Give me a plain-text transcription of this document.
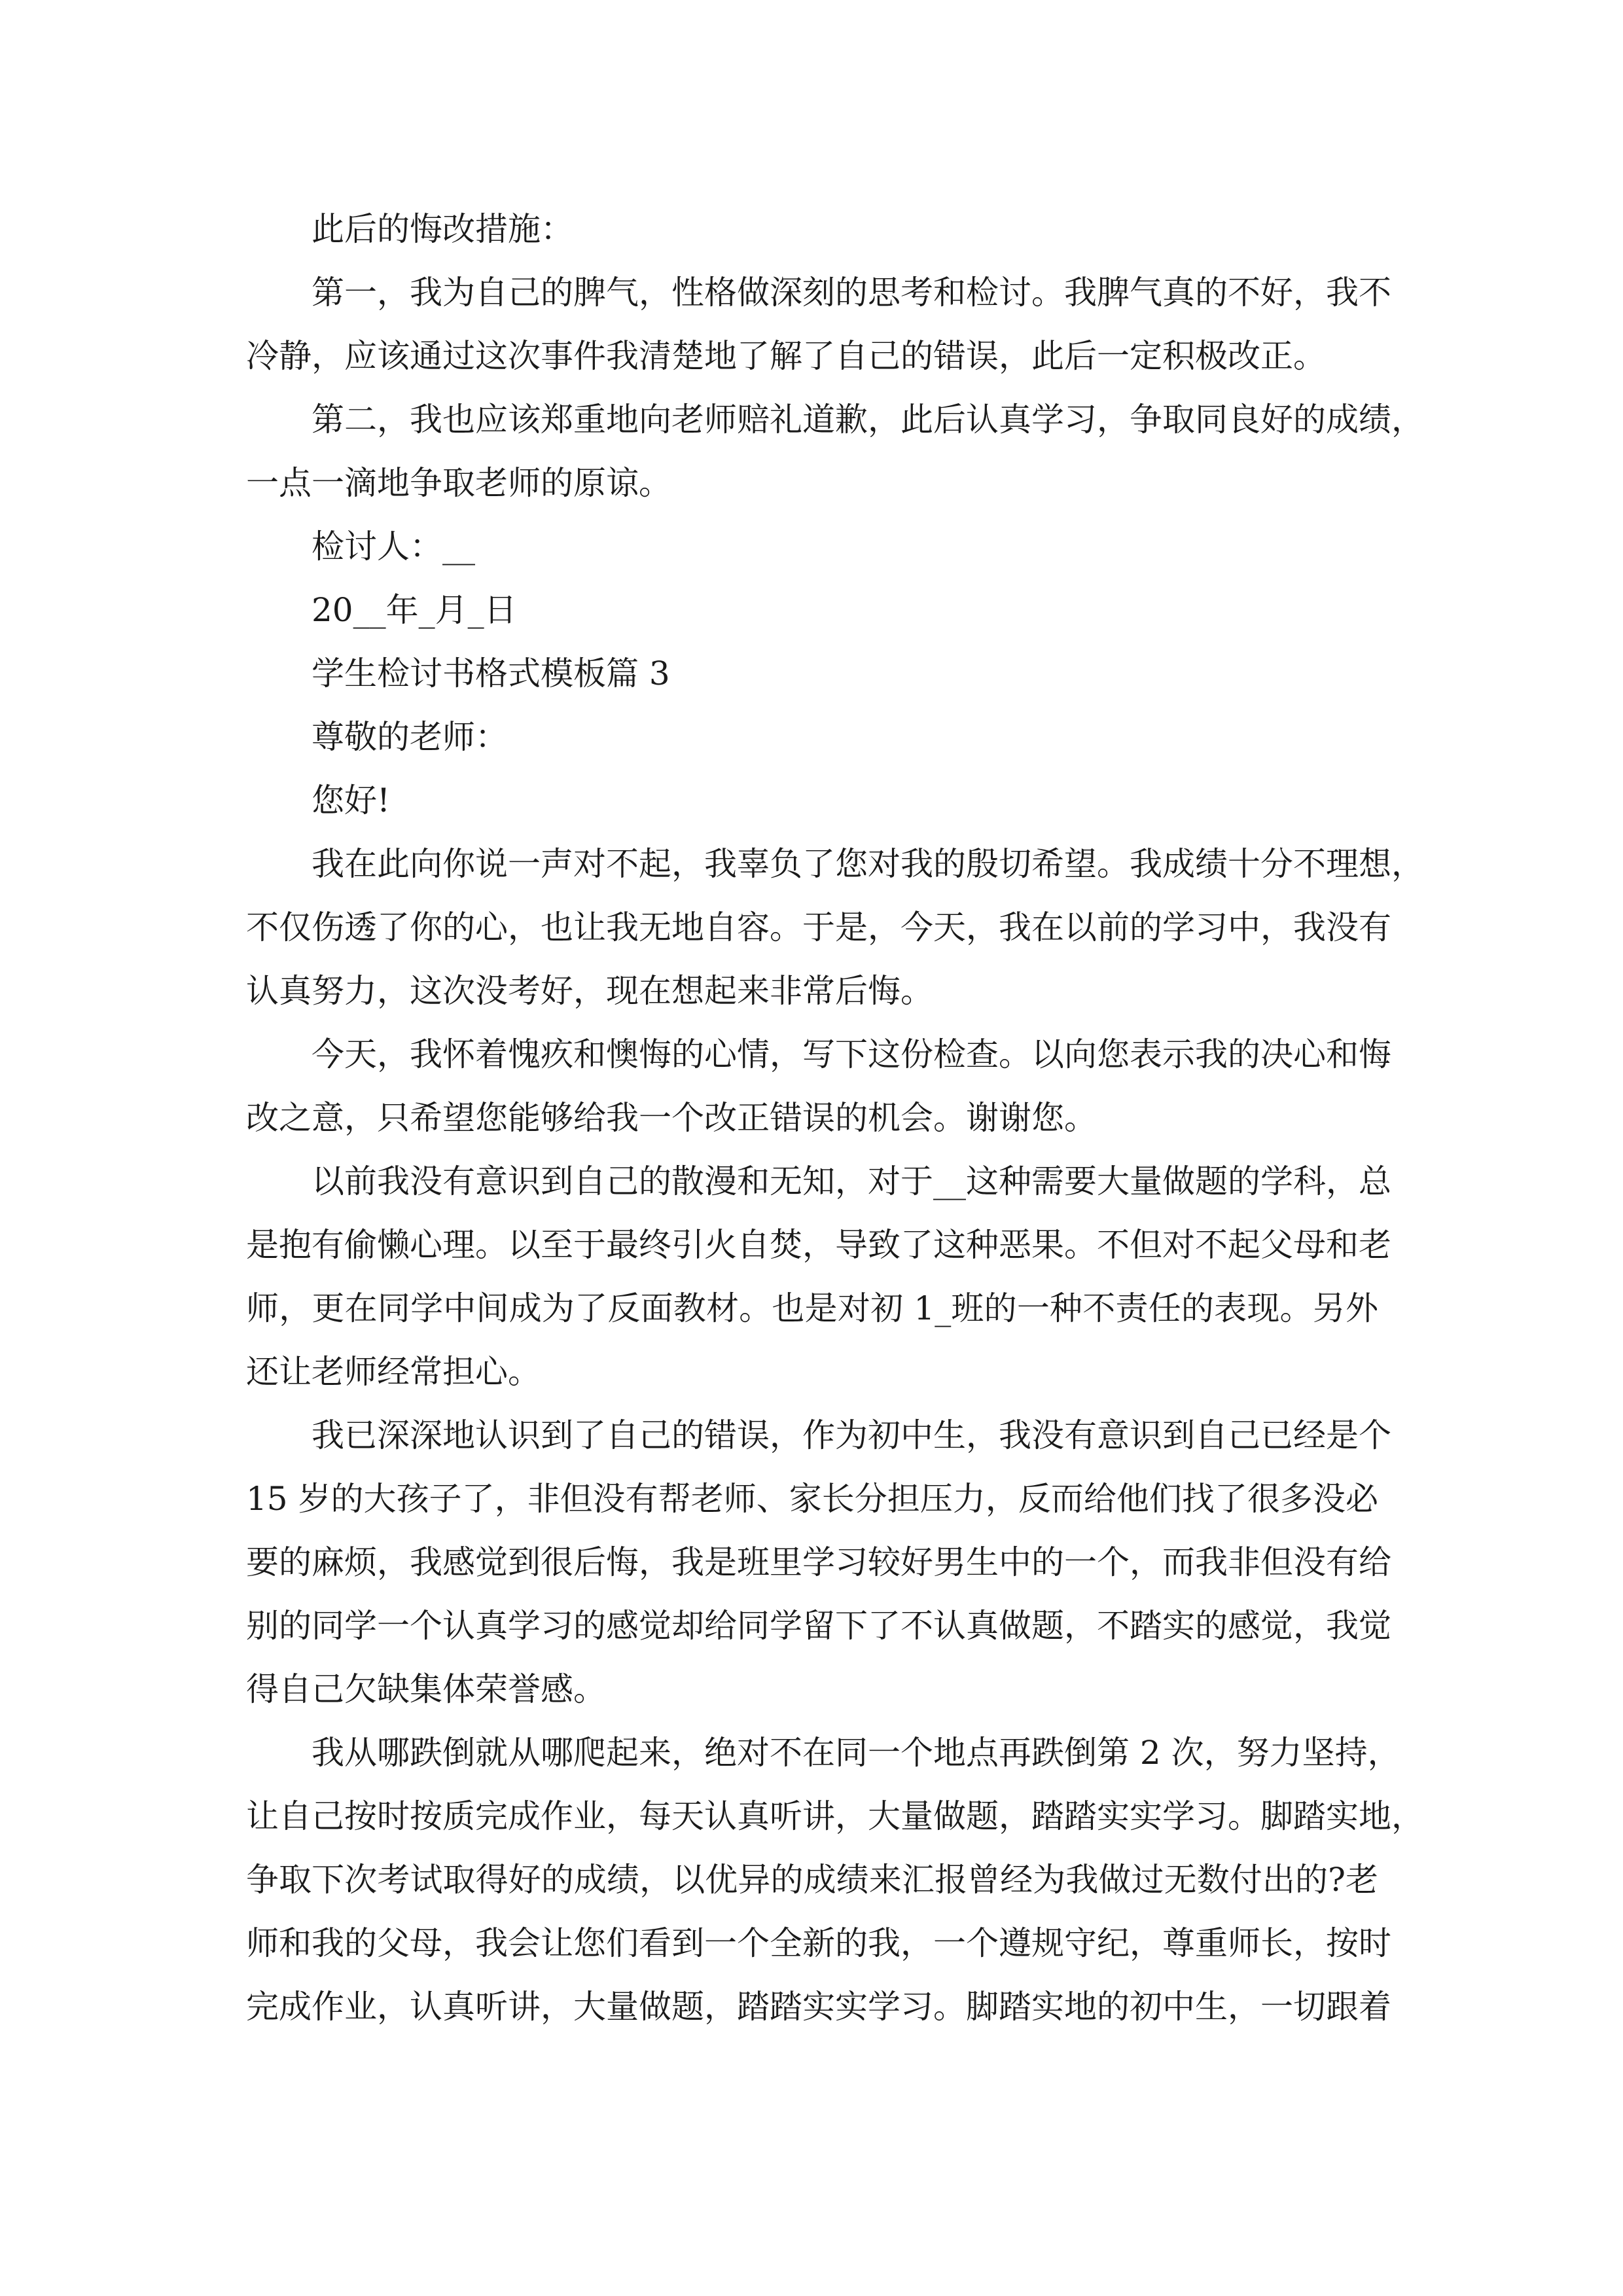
此后的悔改措施：

第一，我为自己的脾气，性格做深刻的思考和检讨。我脾气真的不好，我不

冷静，应该通过这次事件我清楚地了解了自己的错误，此后一定积极改正。

第二，我也应该郑重地向老师赔礼道歉，此后认真学习，争取同良好的成绩，

一点一滴地争取老师的原谅。

检讨人：__

20__年_月_日

学生检讨书格式模板篇 3

尊敬的老师：

您好!

我在此向你说一声对不起，我辜负了您对我的殷切希望。我成绩十分不理想，

不仅伤透了你的心，也让我无地自容。于是，今天，我在以前的学习中，我没有

认真努力，这次没考好，现在想起来非常后悔。

今天，我怀着愧疚和懊悔的心情，写下这份检查。以向您表示我的决心和悔

改之意，只希望您能够给我一个改正错误的机会。谢谢您。

以前我没有意识到自己的散漫和无知，对于__这种需要大量做题的学科，总

是抱有偷懒心理。以至于最终引火自焚，导致了这种恶果。不但对不起父母和老

师，更在同学中间成为了反面教材。也是对初 1_班的一种不责任的表现。另外

还让老师经常担心。

我已深深地认识到了自己的错误，作为初中生，我没有意识到自己已经是个

15 岁的大孩子了，非但没有帮老师、家长分担压力，反而给他们找了很多没必

要的麻烦，我感觉到很后悔，我是班里学习较好男生中的一个，而我非但没有给

别的同学一个认真学习的感觉却给同学留下了不认真做题，不踏实的感觉，我觉

得自己欠缺集体荣誉感。

我从哪跌倒就从哪爬起来，绝对不在同一个地点再跌倒第 2 次，努力坚持，

让自己按时按质完成作业，每天认真听讲，大量做题，踏踏实实学习。脚踏实地，

争取下次考试取得好的成绩，以优异的成绩来汇报曾经为我做过无数付出的?老

师和我的父母，我会让您们看到一个全新的我，一个遵规守纪，尊重师长，按时

完成作业，认真听讲，大量做题，踏踏实实学习。脚踏实地的初中生，一切跟着
